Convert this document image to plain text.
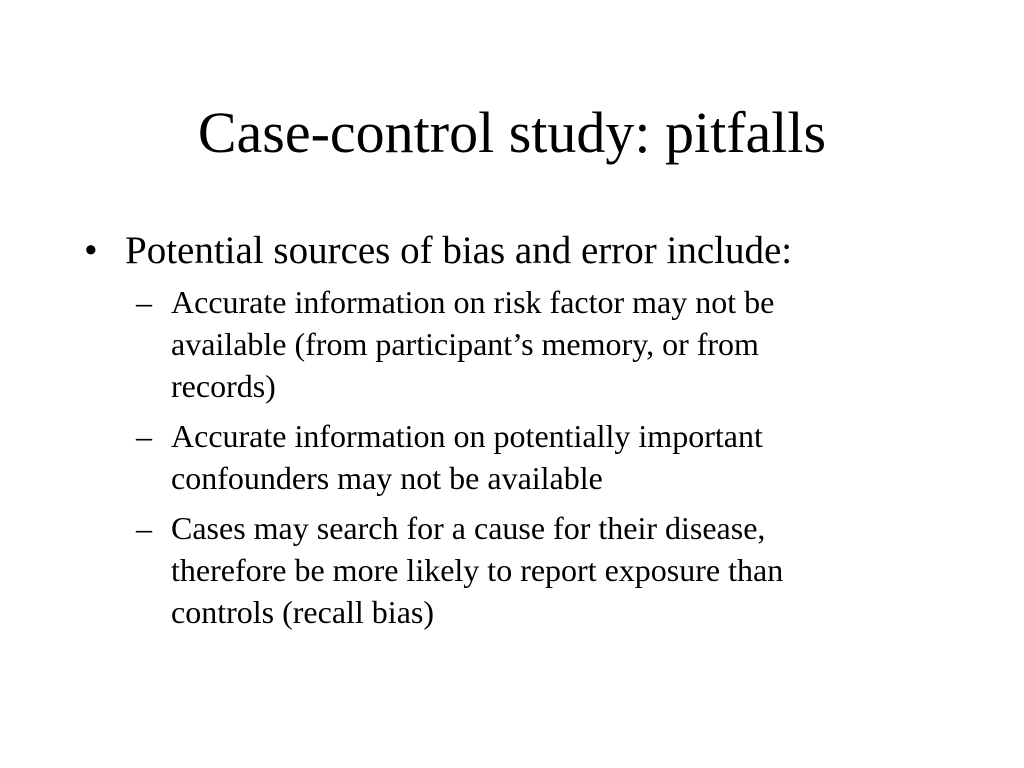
Case-control study: pitfalls
• Potential sources of bias and error include:
– Accurate information on risk factor may not be
available (from participant’s memory, or from
records)
– Accurate information on potentially important
confounders may not be available
– Cases may search for a cause for their disease,
therefore be more likely to report exposure than
controls (recall bias)
